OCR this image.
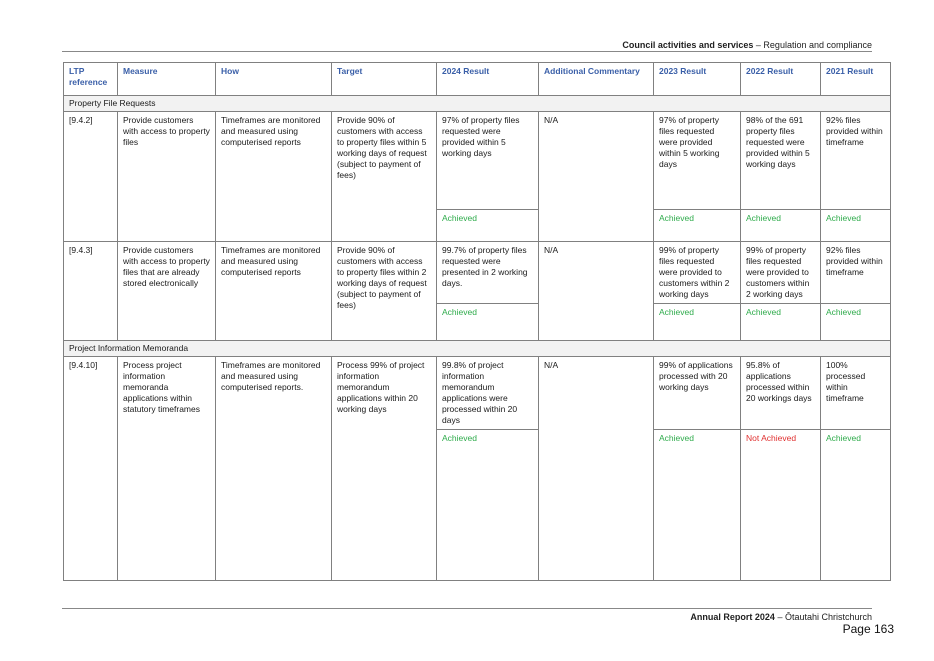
Council activities and services – Regulation and compliance
LTP reference	Measure	How	Target	2024 Result	Additional Commentary	2023 Result	2022 Result	2021 Result
Property File Requests								
[9.4.2]	Provide customers with access to property files	Timeframes are monitored and measured using computerised reports	Provide 90% of customers with access to property files within 5 working days of request (subject to payment of fees)	97% of property files requested were provided within 5 working days	N/A	97% of property files requested were provided within 5 working days	98% of the 691 property files requested were provided within 5 working days	92% files provided within timeframe
				Achieved		Achieved	Achieved	Achieved
[9.4.3]	Provide customers with access to property files that are already stored electronically	Timeframes are monitored and measured using computerised reports	Provide 90% of customers with access to property files within 2 working days of request (subject to payment of fees)	99.7% of property files requested were presented in 2 working days.	N/A	99% of property files requested were provided to customers within 2 working days	99% of property files requested were provided to customers within 2 working days	92% files provided within timeframe
				Achieved		Achieved	Achieved	Achieved
Project Information Memoranda								
[9.4.10]	Process project information memoranda applications within statutory timeframes	Timeframes are monitored and measured using computerised reports.	Process 99% of project information memorandum applications within 20 working days	99.8% of project information memorandum applications were processed within 20 days	N/A	99% of applications processed with 20 working days	95.8% of applications processed within 20 workings days	100% processed within timeframe
				Achieved		Achieved	Not Achieved	Achieved
Annual Report 2024 – Ōtautahi Christchurch
Page 163
